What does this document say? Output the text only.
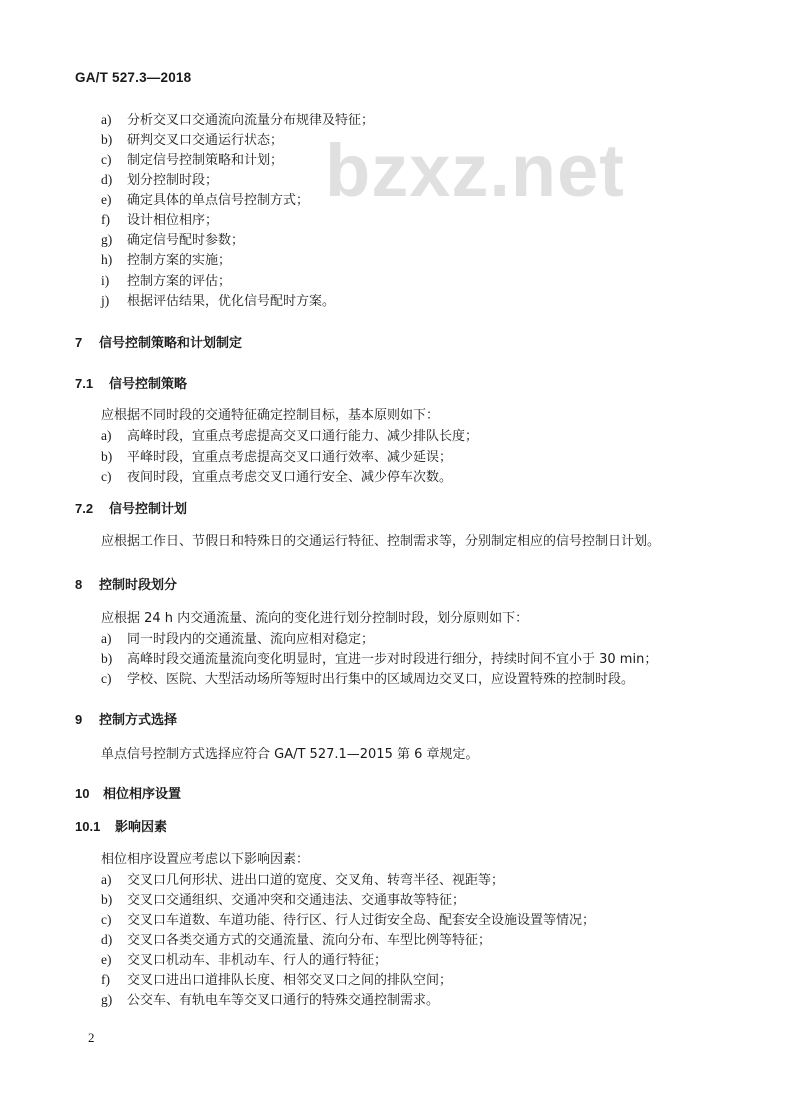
GA/T 527.3—2018
bzxz.net
a) 分析交叉口交通流向流量分布规律及特征；
b) 研判交叉口交通运行状态；
c) 制定信号控制策略和计划；
d) 划分控制时段；
e) 确定具体的单点信号控制方式；
f) 设计相位相序；
g) 确定信号配时参数；
h) 控制方案的实施；
i) 控制方案的评估；
j) 根据评估结果，优化信号配时方案。
7 信号控制策略和计划制定
7.1 信号控制策略
应根据不同时段的交通特征确定控制目标，基本原则如下：
a) 高峰时段，宜重点考虑提高交叉口通行能力、减少排队长度；
b) 平峰时段，宜重点考虑提高交叉口通行效率、减少延误；
c) 夜间时段，宜重点考虑交叉口通行安全、减少停车次数。
7.2 信号控制计划
应根据工作日、节假日和特殊日的交通运行特征、控制需求等，分别制定相应的信号控制日计划。
8 控制时段划分
应根据 24 h 内交通流量、流向的变化进行划分控制时段，划分原则如下：
a) 同一时段内的交通流量、流向应相对稳定；
b) 高峰时段交通流量流向变化明显时，宜进一步对时段进行细分，持续时间不宜小于 30 min；
c) 学校、医院、大型活动场所等短时出行集中的区域周边交叉口，应设置特殊的控制时段。
9 控制方式选择
单点信号控制方式选择应符合 GA/T 527.1—2015 第 6 章规定。
10 相位相序设置
10.1 影响因素
相位相序设置应考虑以下影响因素：
a) 交叉口几何形状、进出口道的宽度、交叉角、转弯半径、视距等；
b) 交叉口交通组织、交通冲突和交通违法、交通事故等特征；
c) 交叉口车道数、车道功能、待行区、行人过街安全岛、配套安全设施设置等情况；
d) 交叉口各类交通方式的交通流量、流向分布、车型比例等特征；
e) 交叉口机动车、非机动车、行人的通行特征；
f) 交叉口进出口道排队长度、相邻交叉口之间的排队空间；
g) 公交车、有轨电车等交叉口通行的特殊交通控制需求。
2
